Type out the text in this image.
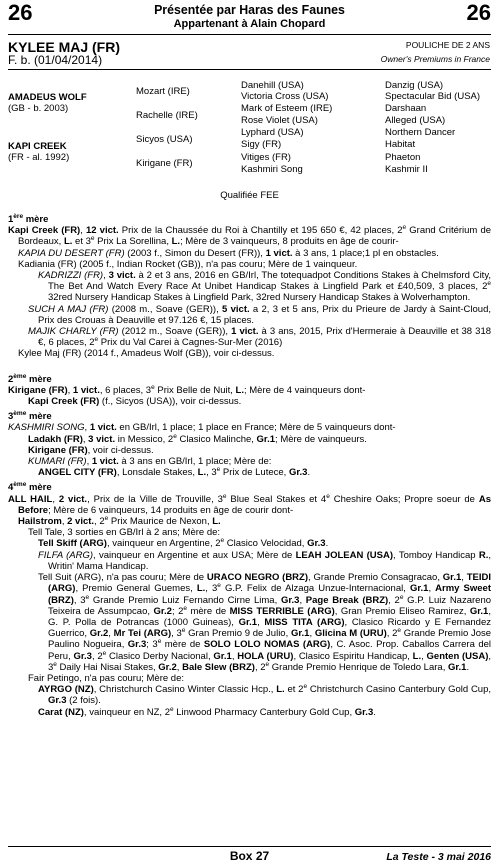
26	Présentée par Haras des Faunes
Appartenant à Alain Chopard	26
KYLEE MAJ (FR)
F. b. (01/04/2014)
POULICHE DE 2 ANS
Owner's Premiums in France
AMADEUS WOLF
(GB - b. 2003)
KAPI CREEK
(FR - al. 1992)
Mozart (IRE)
Rachelle (IRE)
Sicyos (USA)
Kirigane (FR)
Danehill (USA)
Victoria Cross (USA)
Mark of Esteem (IRE)
Rose Violet (USA)
Lyphard (USA)
Sigy (FR)
Vitiges (FR)
Kashmiri Song
Danzig (USA)
Spectacular Bid (USA)
Darshaan
Alleged (USA)
Northern Dancer
Habitat
Phaeton
Kashmir II
Qualifiée FEE

1ère mère

Kapi Creek (FR), 12 vict. Prix de la Chaussée du Roi à Chantilly et 195 650 €, 42 places, 2e Grand Critérium de Bordeaux, L. et 3e Prix La Sorellina, L.; Mère de 3 vainqueurs, 8 produits en âge de courir-

KAPIA DU DESERT (FR) (2003 f., Simon du Desert (FR)), 1 vict. à 3 ans, 1 place;1 pl en obstacles.

Kadiania (FR) (2005 f., Indian Rocket (GB)), n'a pas couru; Mère de 1 vainqueur.

KADRIZZI (FR), 3 vict. à 2 et 3 ans, 2016 en GB/Irl, The totequadpot Conditions Stakes à Chelmsford City, The Bet And Watch Every Race At Unibet Handicap Stakes à Lingfield Park et £40,509, 3 places, 2e 32red Nursery Handicap Stakes à Lingfield Park, 32red Nursery Handicap Stakes à Wolverhampton.

SUCH A MAJ (FR) (2008 m., Soave (GER)), 5 vict. a 2, 3 et 5 ans, Prix du Prieure de Jardy à Saint-Cloud, Prix des Crouas à Deauville et 97.126 €, 15 places.

MAJIK CHARLY (FR) (2012 m., Soave (GER)), 1 vict. à 3 ans, 2015, Prix d'Hermeraie à Deauville et 38 318 €, 6 places, 2e Prix du Val Carei à Cagnes-Sur-Mer (2016)

Kylee Maj (FR) (2014 f., Amadeus Wolf (GB)), voir ci-dessus.

2ème mère

Kirigane (FR), 1 vict., 6 places, 3e Prix Belle de Nuit, L.; Mère de 4 vainqueurs dont-

Kapi Creek (FR) (f., Sicyos (USA)), voir ci-dessus.

3ème mère

KASHMIRI SONG, 1 vict. en GB/Irl, 1 place; 1 place en France; Mère de 5 vainqueurs dont-

Ladakh (FR), 3 vict. in Messico, 2e Clasico Malinche, Gr.1; Mère de vainqueurs.

Kirigane (FR), voir ci-dessus.

KUMARI (FR), 1 vict. à 3 ans en GB/Irl, 1 place; Mère de:

ANGEL CITY (FR), Lonsdale Stakes, L., 3e Prix de Lutece, Gr.3.

4ème mère

ALL HAIL, 2 vict., Prix de la Ville de Trouville, 3e Blue Seal Stakes et 4e Cheshire Oaks; Propre soeur de As Before; Mère de 6 vainqueurs, 14 produits en âge de courir dont-

Hailstrom, 2 vict., 2e Prix Maurice de Nexon, L.

Tell Tale, 3 sorties en GB/Irl à 2 ans; Mère de:

Tell Skiff (ARG), vainqueur en Argentine, 2e Clasico Velocidad, Gr.3.

FILFA (ARG), vainqueur en Argentine et aux USA; Mère de LEAH JOLEAN (USA), Tomboy Handicap R., Writin' Mama Handicap.

Tell Suit (ARG), n'a pas couru; Mère de URACO NEGRO (BRZ), Grande Premio Consagracao, Gr.1, TEIDI (ARG), Premio General Guemes, L., 3e G.P. Felix de Alzaga Unzue-Internacional, Gr.1, Army Sweet (BRZ), 3e Grande Premio Luiz Fernando Cirne Lima, Gr.3, Page Break (BRZ), 2e G.P. Luiz Nazareno Teixeira de Assumpcao, Gr.2; 2e mère de MISS TERRIBLE (ARG), Gran Premio Eliseo Ramirez, Gr.1, G. P. Polla de Potrancas (1000 Guineas), Gr.1, MISS TITA (ARG), Clasico Ricardo y E Fernandez Guerrico, Gr.2, Mr Tei (ARG), 3e Gran Premio 9 de Julio, Gr.1, Glicina M (URU), 2e Grande Premio Jose Paulino Nogueira, Gr.3; 3e mère de SOLO LOLO NOMAS (ARG), C. Asoc. Prop. Caballos Carrera del Peru, Gr.3, 2e Clasico Derby Nacional, Gr.1, HOLA (URU), Clasico Espiritu Handicap, L., Genten (USA), 3e Daily Hai Nisai Stakes, Gr.2, Bale Slew (BRZ), 2e Grande Premio Henrique de Toledo Lara, Gr.1.

Fair Petingo, n'a pas couru; Mère de:

AYRGO (NZ), Christchurch Casino Winter Classic Hcp., L. et 2e Christchurch Casino Canterbury Gold Cup, Gr.3 (2 fois).

Carat (NZ), vainqueur en NZ, 2e Linwood Pharmacy Canterbury Gold Cup, Gr.3.

Box 27	La Teste - 3 mai 2016
